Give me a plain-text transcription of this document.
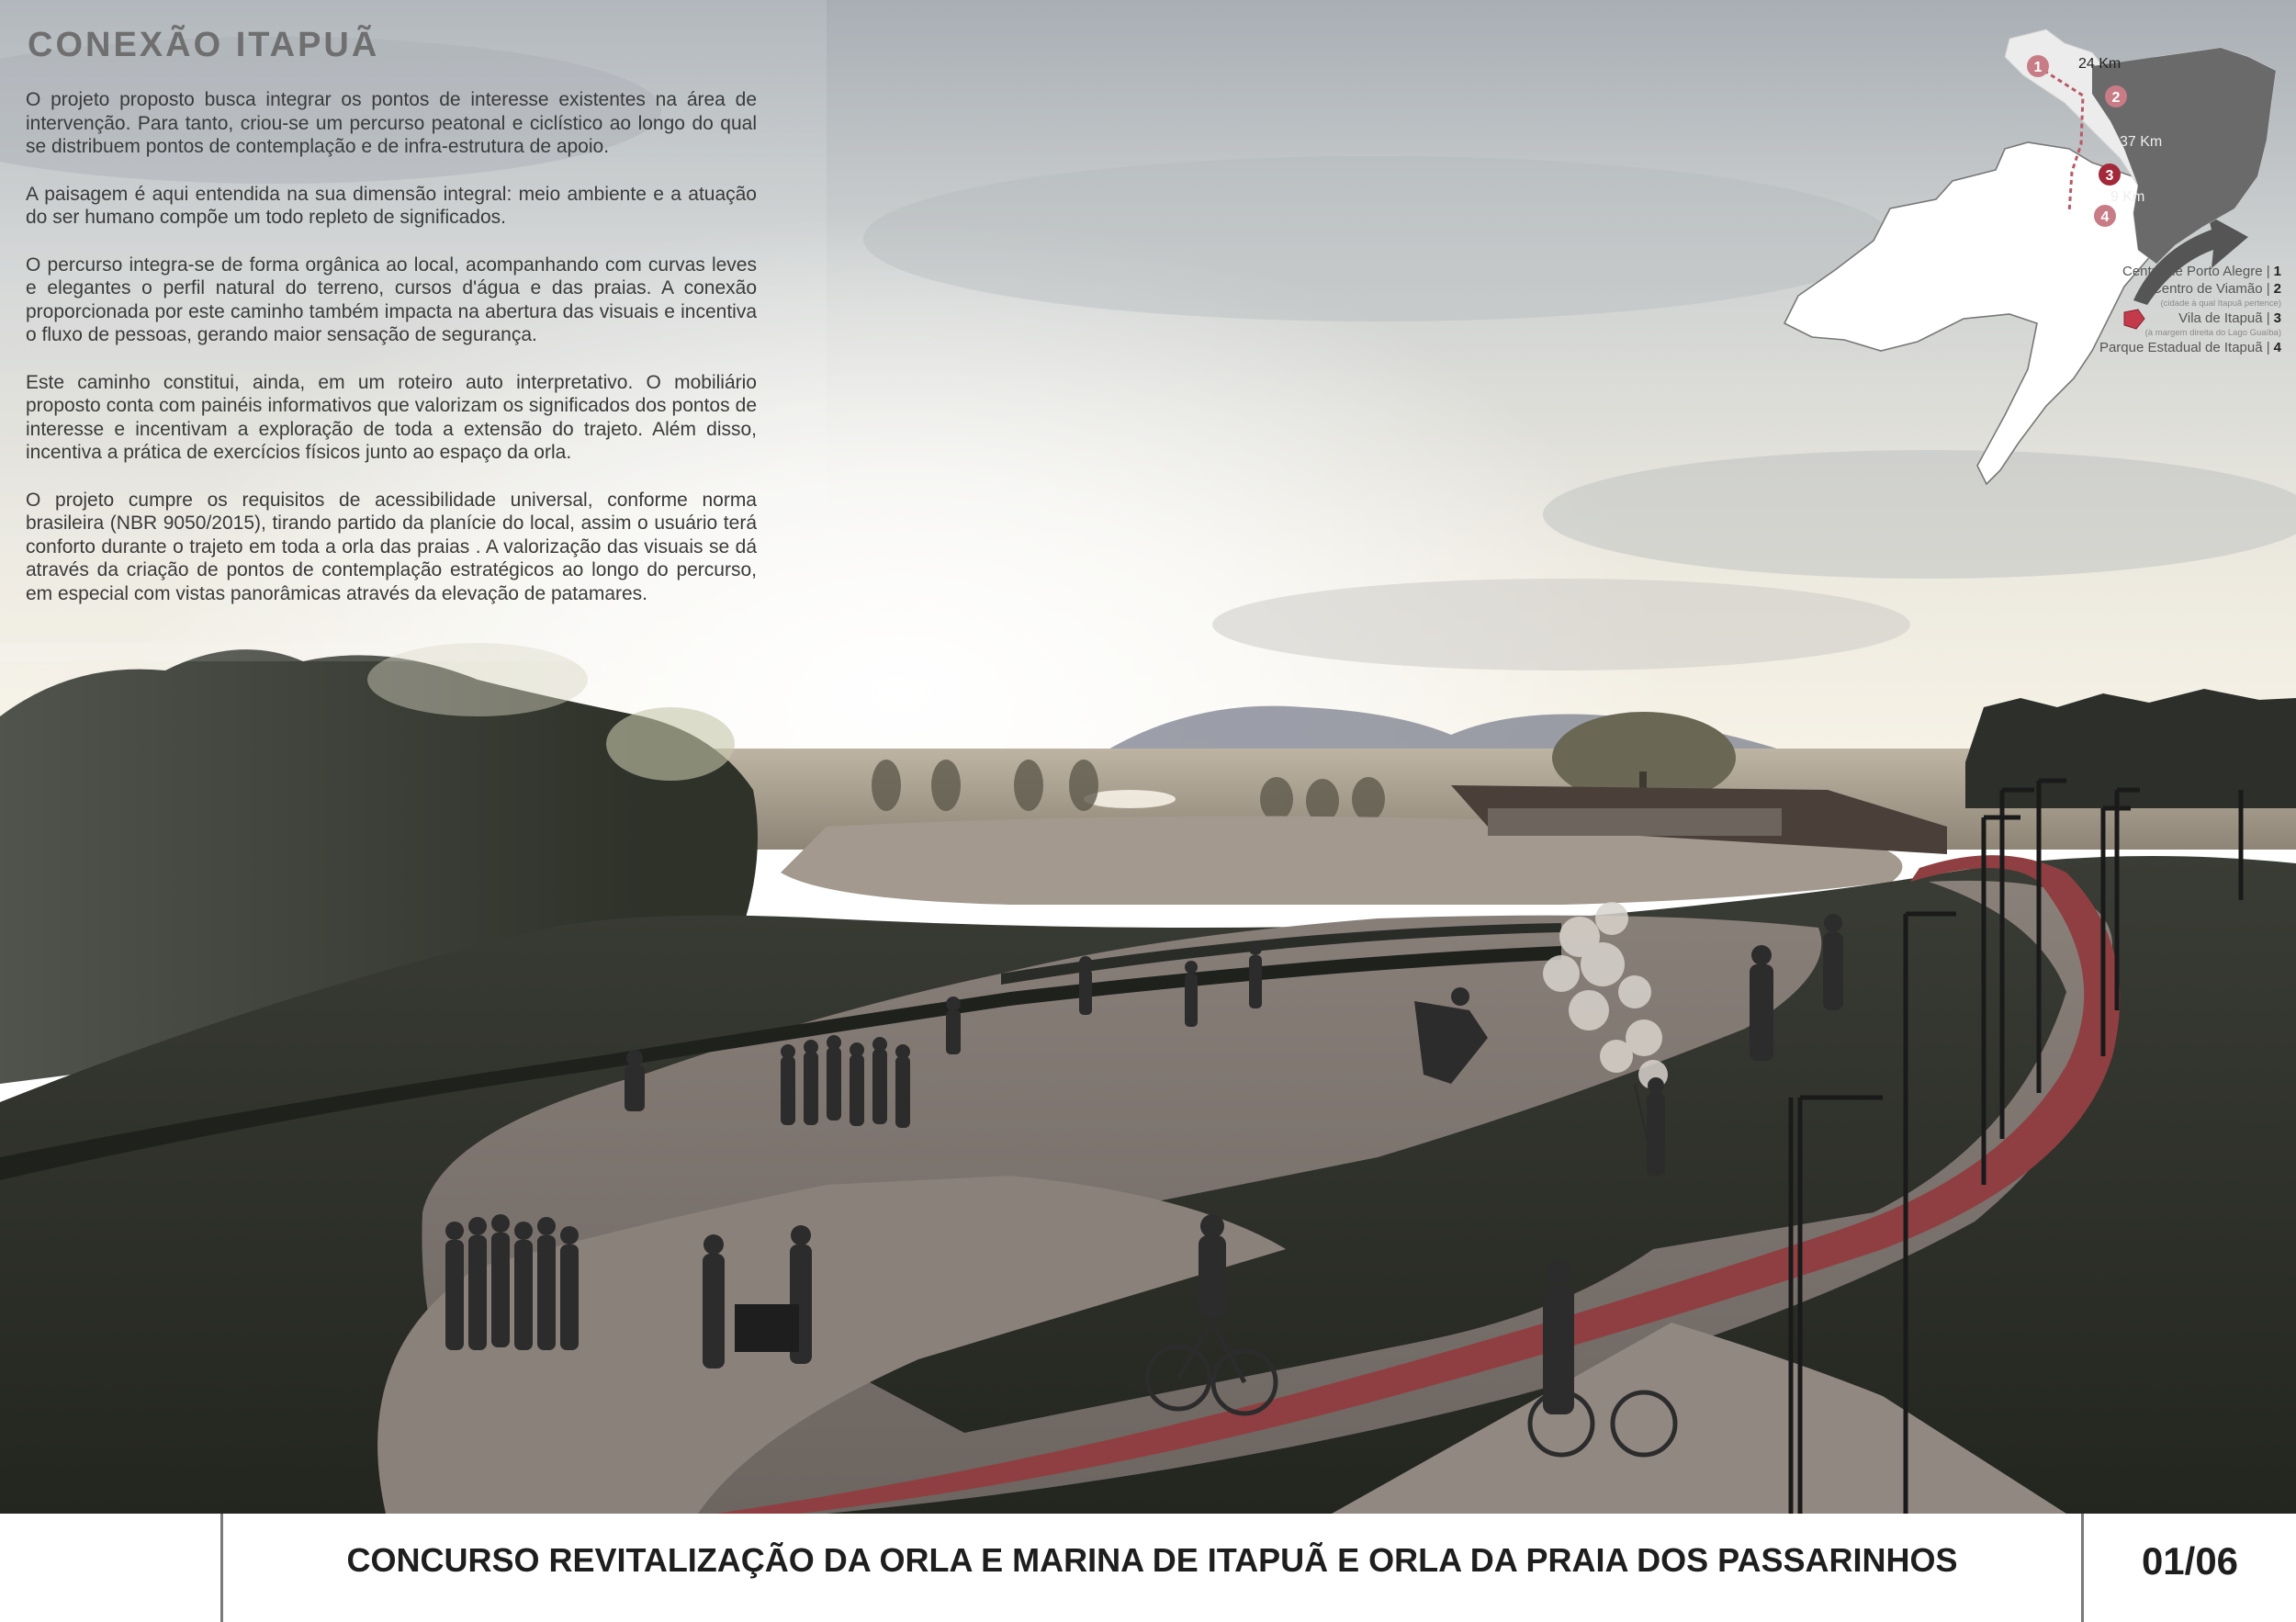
CONEXÃO ITAPUÃ

O projeto proposto busca integrar os pontos de interesse existentes na área de intervenção. Para tanto, criou-se um percurso peatonal e ciclístico ao longo do qual se distribuem pontos de contemplação e de infra-estrutura de apoio.

A paisagem é aqui entendida na sua dimensão integral: meio ambiente e a atuação do ser humano compõe um todo repleto de significados.

O percurso integra-se de forma orgânica ao local, acompanhando com curvas leves e elegantes o perfil natural do terreno, cursos d'água e das praias. A conexão proporcionada por este caminho também impacta na abertura das visuais e incentiva o fluxo de pessoas, gerando maior sensação de segurança.

Este caminho constitui, ainda, em um roteiro auto interpretativo. O mobiliário proposto conta com painéis informativos que valorizam os significados dos pontos de interesse e incentivam a exploração de toda a extensão do trajeto. Além disso, incentiva a prática de exercícios físicos junto ao espaço da orla.

O projeto cumpre os requisitos de acessibilidade universal, conforme norma brasileira (NBR 9050/2015), tirando partido da planície do local, assim o usuário terá conforto durante o trajeto em toda a orla das praias . A valorização das visuais se dá através da criação de pontos de contemplação estratégicos ao longo do percurso, em especial com vistas panorâmicas através da elevação de patamares.

24 Km
37 Km
9 Km
1
2
3
4
Centro de Porto Alegre | 1
Centro de Viamão | 2
(cidade à qual Itapuã pertence)
Vila de Itapuã | 3
(à margem direita do Lago Guaíba)
Parque Estadual de Itapuã | 4
CONCURSO REVITALIZAÇÃO DA ORLA E MARINA DE ITAPUÃ E ORLA DA PRAIA DOS PASSARINHOS	01/06
